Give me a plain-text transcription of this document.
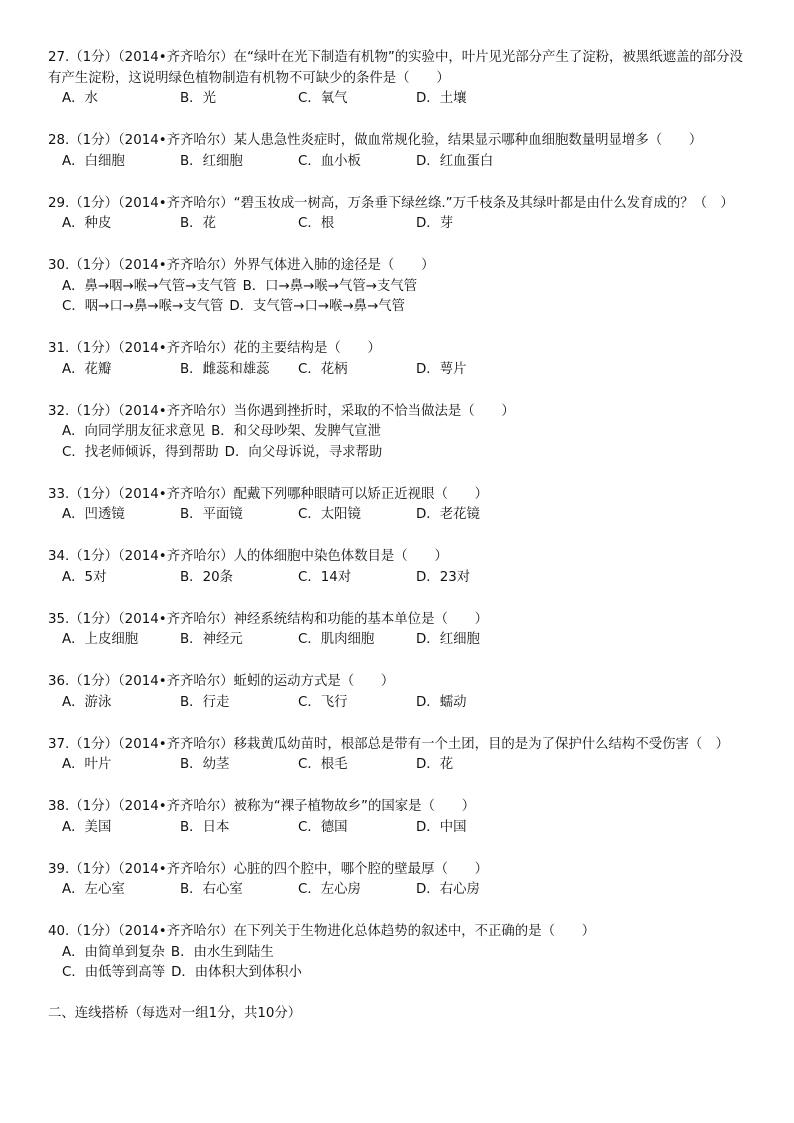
27.（1分）（2014•齐齐哈尔）在“绿叶在光下制造有机物”的实验中，叶片见光部分产生了淀粉，被黑纸遮盖的部分没有产生淀粉，这说明绿色植物制造有机物不可缺少的条件是（　　）
A．水	B．光	C．氧气	D．土壤
28.（1分）（2014•齐齐哈尔）某人患急性炎症时，做血常规化验，结果显示哪种血细胞数量明显增多（　　）
A．白细胞	B．红细胞	C．血小板	D．红血蛋白
29.（1分）（2014•齐齐哈尔）“碧玉妆成一树高，万条垂下绿丝绦.”万千枝条及其绿叶都是由什么发育成的？（　）
A．种皮	B．花	C．根	D．芽
30.（1分）（2014•齐齐哈尔）外界气体进入肺的途径是（　　）
A．鼻→咽→喉→气管→支气管 B．口→鼻→喉→气管→支气管
C．咽→口→鼻→喉→支气管 D．支气管→口→喉→鼻→气管
31.（1分）（2014•齐齐哈尔）花的主要结构是（　　）
A．花瓣	B．雌蕊和雄蕊	C．花柄	D．萼片
32.（1分）（2014•齐齐哈尔）当你遇到挫折时，采取的不恰当做法是（　　）
A．向同学朋友征求意见 B．和父母吵架、发脾气宣泄
C．找老师倾诉，得到帮助 D．向父母诉说，寻求帮助
33.（1分）（2014•齐齐哈尔）配戴下列哪种眼睛可以矫正近视眼（　　）
A．凹透镜	B．平面镜	C．太阳镜	D．老花镜
34.（1分）（2014•齐齐哈尔）人的体细胞中染色体数目是（　　）
A．5对	B．20条	C．14对	D．23对
35.（1分）（2014•齐齐哈尔）神经系统结构和功能的基本单位是（　　）
A．上皮细胞	B．神经元	C．肌肉细胞	D．红细胞
36.（1分）（2014•齐齐哈尔）蚯蚓的运动方式是（　　）
A．游泳	B．行走	C．飞行	D．蠕动
37.（1分）（2014•齐齐哈尔）移栽黄瓜幼苗时，根部总是带有一个土团，目的是为了保护什么结构不受伤害（　）
A．叶片	B．幼茎	C．根毛	D．花
38.（1分）（2014•齐齐哈尔）被称为“裸子植物故乡”的国家是（　　）
A．美国	B．日本	C．德国	D．中国
39.（1分）（2014•齐齐哈尔）心脏的四个腔中，哪个腔的壁最厚（　　）
A．左心室	B．右心室	C．左心房	D．右心房
40.（1分）（2014•齐齐哈尔）在下列关于生物进化总体趋势的叙述中，不正确的是（　　）
A．由简单到复杂 B．由水生到陆生
C．由低等到高等 D．由体积大到体积小
二、连线搭桥（每选对一组1分，共10分）
